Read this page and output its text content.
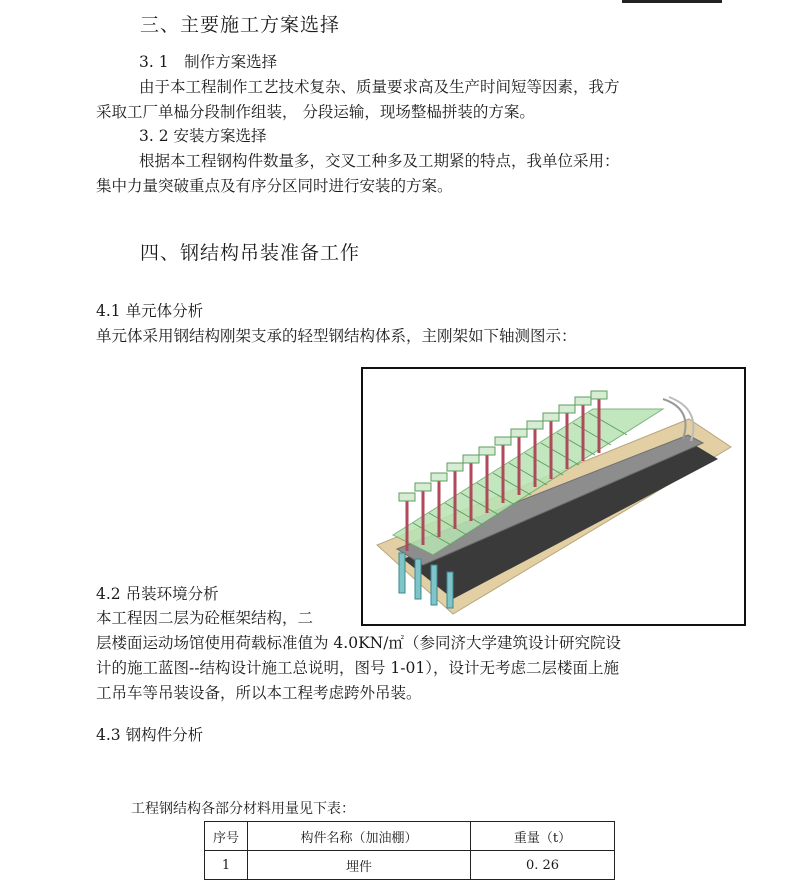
三、主要施工方案选择
3. 1　制作方案选择
由于本工程制作工艺技术复杂、质量要求高及生产时间短等因素，我方
采取工厂单榀分段制作组装， 分段运输，现场整榀拼装的方案。
3. 2 安装方案选择
根据本工程钢构件数量多，交叉工种多及工期紧的特点，我单位采用：
集中力量突破重点及有序分区同时进行安装的方案。
四、钢结构吊装准备工作
4.1 单元体分析
单元体采用钢结构刚架支承的轻型钢结构体系，主刚架如下轴测图示：
4.2 吊装环境分析
本工程因二层为砼框架结构，二
层楼面运动场馆使用荷载标准值为 4.0KN/㎡（参同济大学建筑设计研究院设
计的施工蓝图--结构设计施工总说明，图号 1-01），设计无考虑二层楼面上施
工吊车等吊装设备，所以本工程考虑跨外吊装。
4.3 钢构件分析
工程钢结构各部分材料用量见下表：
序号	构件名称（加油棚）	重量（t）
1	埋件	0. 26
